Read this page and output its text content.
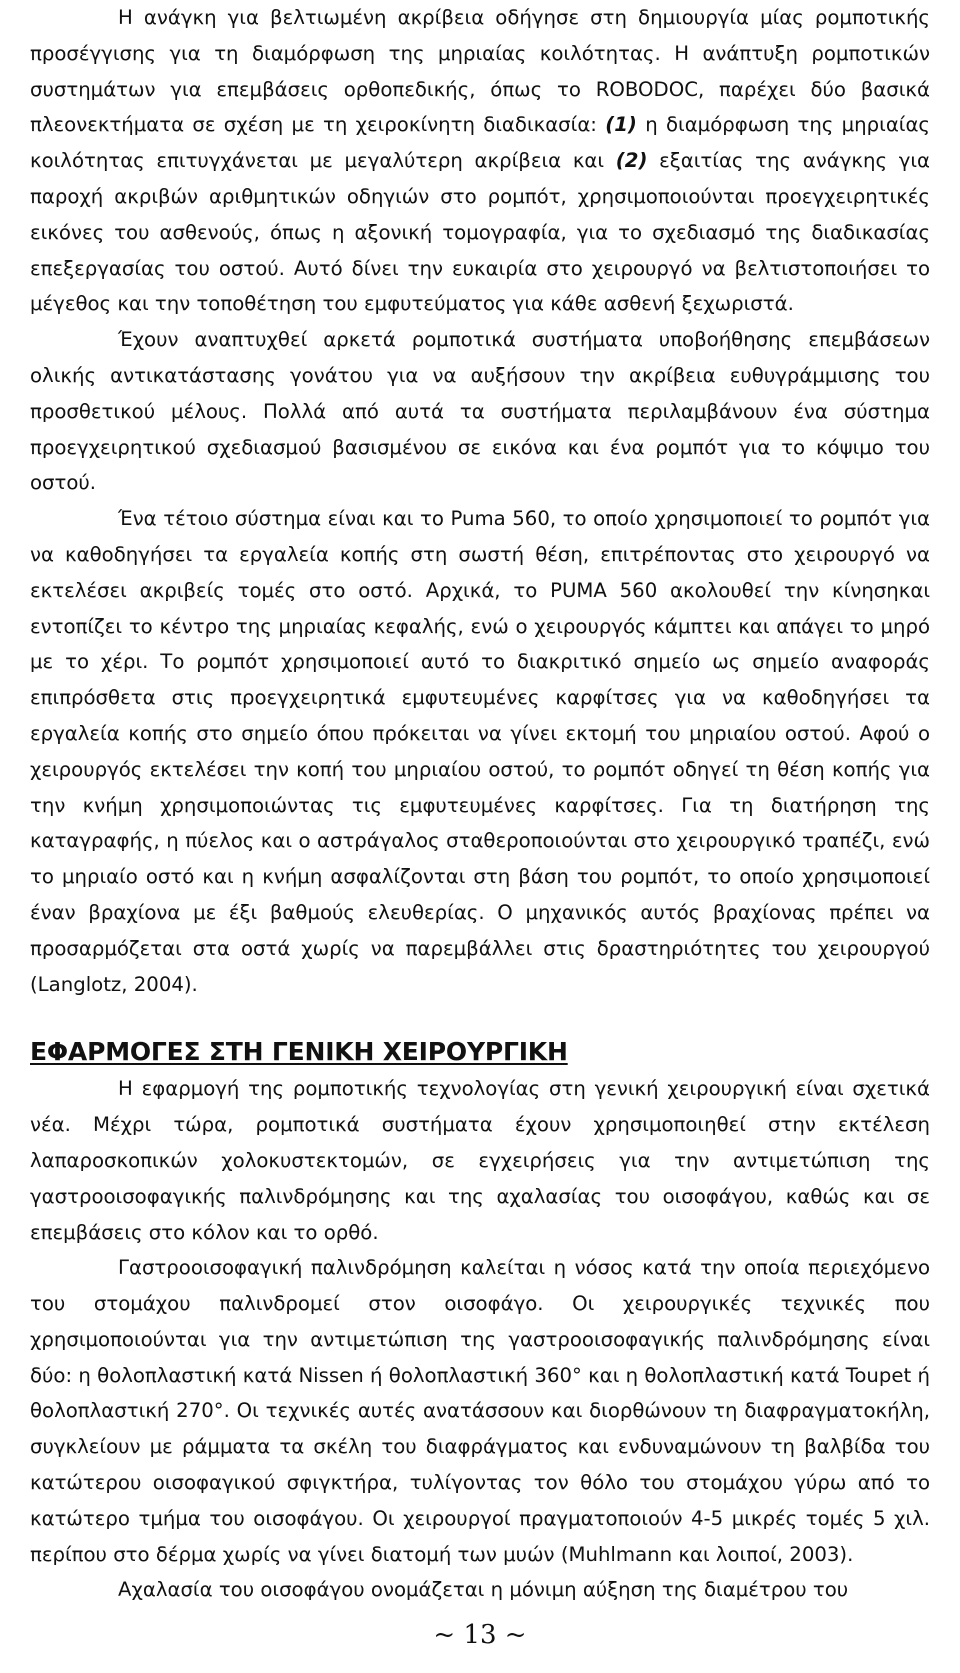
Η ανάγκη για βελτιωμένη ακρίβεια οδήγησε στη δημιουργία μίας ρομποτικής προσέγγισης για τη διαμόρφωση της μηριαίας κοιλότητας. Η ανάπτυξη ρομποτικών συστημάτων για επεμβάσεις ορθοπεδικής, όπως το ROBODOC, παρέχει δύο βασικά πλεονεκτήματα σε σχέση με τη χειροκίνητη διαδικασία: (1) η διαμόρφωση της μηριαίας κοιλότητας επιτυγχάνεται με μεγαλύτερη ακρίβεια και (2) εξαιτίας της ανάγκης για παροχή ακριβών αριθμητικών οδηγιών στο ρομπότ, χρησιμοποιούνται προεγχειρητικές εικόνες του ασθενούς, όπως η αξονική τομογραφία, για το σχεδιασμό της διαδικασίας επεξεργασίας του οστού. Αυτό δίνει την ευκαιρία στο χειρουργό να βελτιστοποιήσει το μέγεθος και την τοποθέτηση του εμφυτεύματος για κάθε ασθενή ξεχωριστά.

Έχουν αναπτυχθεί αρκετά ρομποτικά συστήματα υποβοήθησης επεμβάσεων ολικής αντικατάστασης γονάτου για να αυξήσουν την ακρίβεια ευθυγράμμισης του προσθετικού μέλους. Πολλά από αυτά τα συστήματα περιλαμβάνουν ένα σύστημα προεγχειρητικού σχεδιασμού βασισμένου σε εικόνα και ένα ρομπότ για το κόψιμο του οστού.

Ένα τέτοιο σύστημα είναι και το Puma 560, το οποίο χρησιμοποιεί το ρομπότ για να καθοδηγήσει τα εργαλεία κοπής στη σωστή θέση, επιτρέποντας στο χειρουργό να εκτελέσει ακριβείς τομές στο οστό. Αρχικά, το PUMA 560 ακολουθεί την κίνησηκαι εντοπίζει το κέντρο της μηριαίας κεφαλής, ενώ ο χειρουργός κάμπτει και απάγει το μηρό με το χέρι. Το ρομπότ χρησιμοποιεί αυτό το διακριτικό σημείο ως σημείο αναφοράς επιπρόσθετα στις προεγχειρητικά εμφυτευμένες καρφίτσες για να καθοδηγήσει τα εργαλεία κοπής στο σημείο όπου πρόκειται να γίνει εκτομή του μηριαίου οστού. Αφού ο χειρουργός εκτελέσει την κοπή του μηριαίου οστού, το ρομπότ οδηγεί τη θέση κοπής για την κνήμη χρησιμοποιώντας τις εμφυτευμένες καρφίτσες. Για τη διατήρηση της καταγραφής, η πύελος και ο αστράγαλος σταθεροποιούνται στο χειρουργικό τραπέζι, ενώ το μηριαίο οστό και η κνήμη ασφαλίζονται στη βάση του ρομπότ, το οποίο χρησιμοποιεί έναν βραχίονα με έξι βαθμούς ελευθερίας. Ο μηχανικός αυτός βραχίονας πρέπει να προσαρμόζεται στα οστά χωρίς να παρεμβάλλει στις δραστηριότητες του χειρουργού (Langlotz, 2004).

ΕΦΑΡΜΟΓΕΣ ΣΤΗ ΓΕΝΙΚΗ ΧΕΙΡΟΥΡΓΙΚΗ

Η εφαρμογή της ρομποτικής τεχνολογίας στη γενική χειρουργική είναι σχετικά νέα. Μέχρι τώρα, ρομποτικά συστήματα έχουν χρησιμοποιηθεί στην εκτέλεση λαπαροσκοπικών χολοκυστεκτομών, σε εγχειρήσεις για την αντιμετώπιση της γαστροοισοφαγικής παλινδρόμησης και της αχαλασίας του οισοφάγου, καθώς και σε επεμβάσεις στο κόλον και το ορθό.

Γαστροοισοφαγική παλινδρόμηση καλείται η νόσος κατά την οποία περιεχόμενο του στομάχου παλινδρομεί στον οισοφάγο. Οι χειρουργικές τεχνικές που χρησιμοποιούνται για την αντιμετώπιση της γαστροοισοφαγικής παλινδρόμησης είναι δύο: η θολοπλαστική κατά Nissen ή θολοπλαστική 360° και η θολοπλαστική κατά Toupet ή θολοπλαστική 270°. Οι τεχνικές αυτές ανατάσσουν και διορθώνουν τη διαφραγματοκήλη, συγκλείουν με ράμματα τα σκέλη του διαφράγματος και ενδυναμώνουν τη βαλβίδα του κατώτερου οισοφαγικού σφιγκτήρα, τυλίγοντας τον θόλο του στομάχου γύρω από το κατώτερο τμήμα του οισοφάγου. Οι χειρουργοί πραγματοποιούν 4-5 μικρές τομές 5 χιλ. περίπου στο δέρμα χωρίς να γίνει διατομή των μυών (Muhlmann και λοιποί, 2003).

Αχαλασία του οισοφάγου ονομάζεται η μόνιμη αύξηση της διαμέτρου του

~ 13 ~
